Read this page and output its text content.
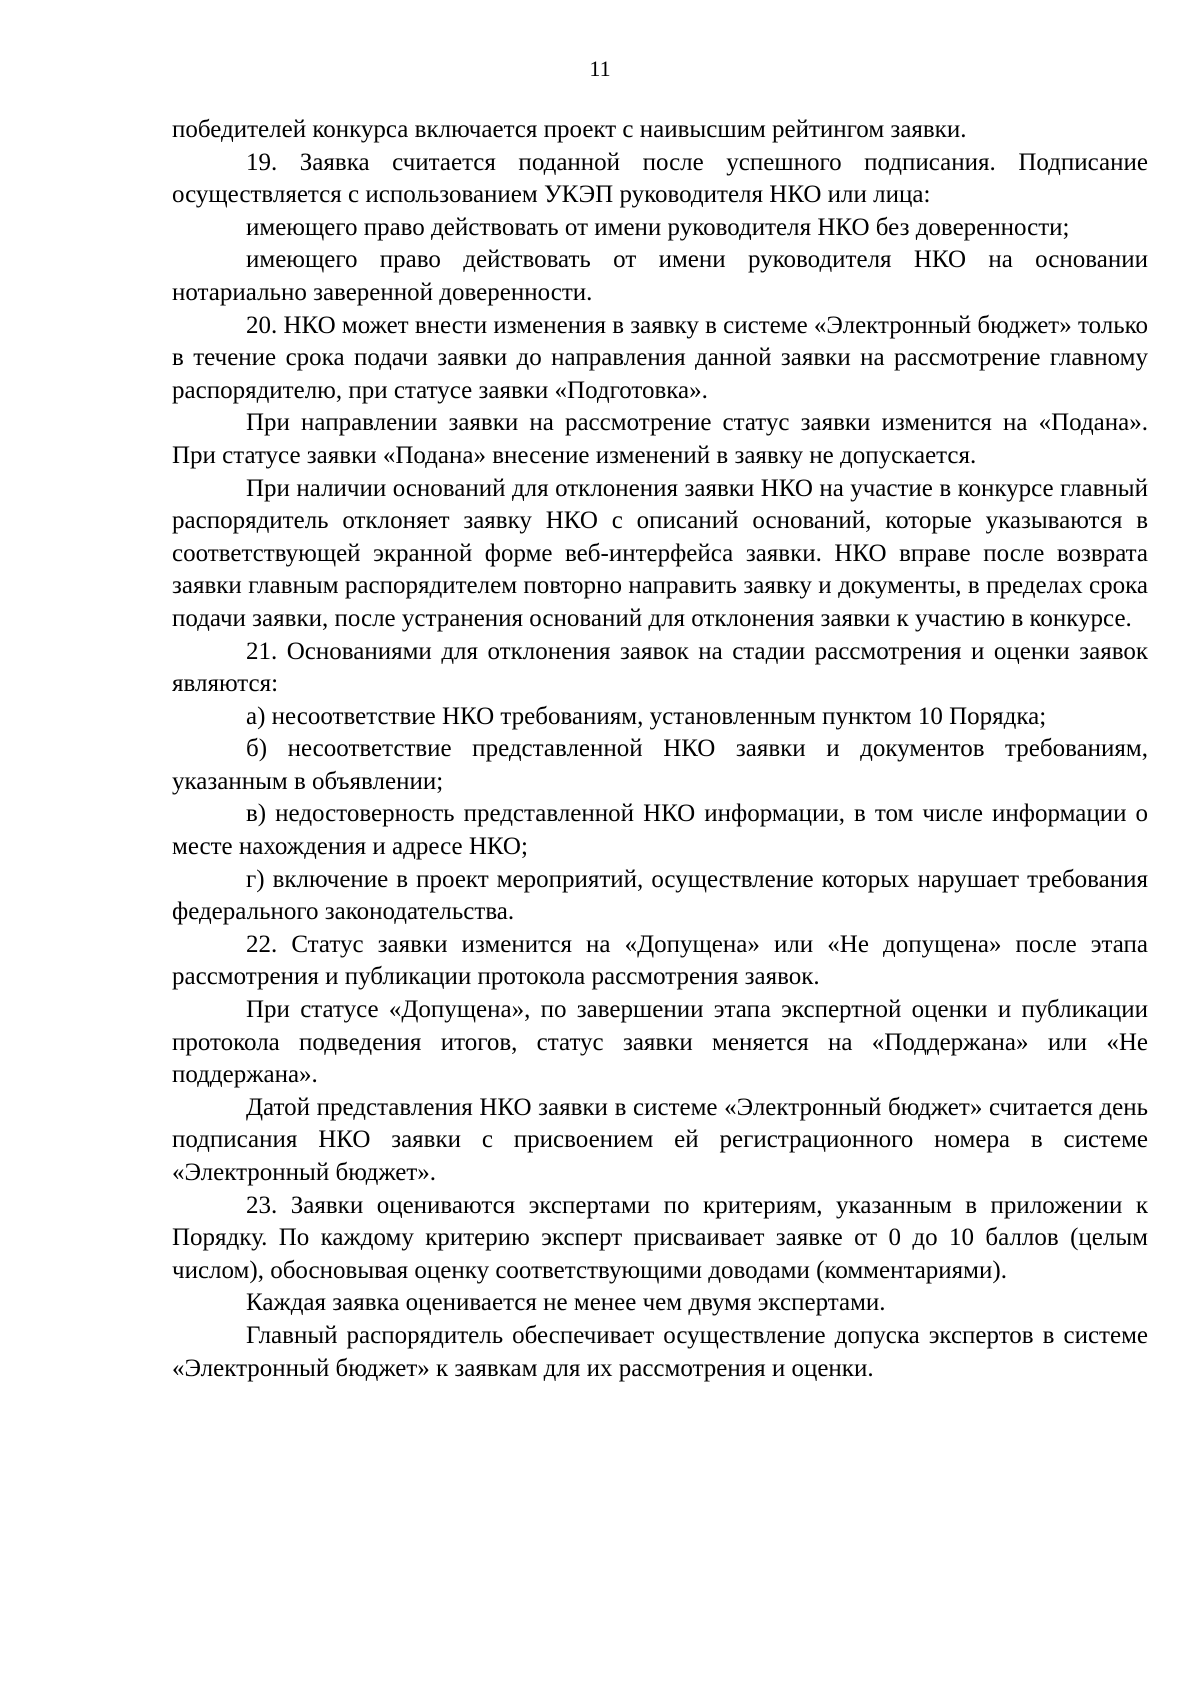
11

победителей конкурса включается проект с наивысшим рейтингом заявки.

19. Заявка считается поданной после успешного подписания. Подписание осуществляется с использованием УКЭП руководителя НКО или лица:

имеющего право действовать от имени руководителя НКО без доверенности;

имеющего право действовать от имени руководителя НКО на основании нотариально заверенной доверенности.

20. НКО может внести изменения в заявку в системе «Электронный бюджет» только в течение срока подачи заявки до направления данной заявки на рассмотрение главному распорядителю, при статусе заявки «Подготовка».

При направлении заявки на рассмотрение статус заявки изменится на «Подана». При статусе заявки «Подана» внесение изменений в заявку не допускается.

При наличии оснований для отклонения заявки НКО на участие в конкурсе главный распорядитель отклоняет заявку НКО с описаний оснований, которые указываются в соответствующей экранной форме веб-интерфейса заявки. НКО вправе после возврата заявки главным распорядителем повторно направить заявку и документы, в пределах срока подачи заявки, после устранения оснований для отклонения заявки к участию в конкурсе.

21. Основаниями для отклонения заявок на стадии рассмотрения и оценки заявок являются:

а) несоответствие НКО требованиям, установленным пунктом 10 Порядка;

б) несоответствие представленной НКО заявки и документов требованиям, указанным в объявлении;

в) недостоверность представленной НКО информации, в том числе информации о месте нахождения и адресе НКО;

г) включение в проект мероприятий, осуществление которых нарушает требования федерального законодательства.

22. Статус заявки изменится на «Допущена» или «Не допущена» после этапа рассмотрения и публикации протокола рассмотрения заявок.

При статусе «Допущена», по завершении этапа экспертной оценки и публикации протокола подведения итогов, статус заявки меняется на «Поддержана» или «Не поддержана».

Датой представления НКО заявки в системе «Электронный бюджет» считается день подписания НКО заявки с присвоением ей регистрационного номера в системе «Электронный бюджет».

23. Заявки оцениваются экспертами по критериям, указанным в приложении к Порядку. По каждому критерию эксперт присваивает заявке от 0 до 10 баллов (целым числом), обосновывая оценку соответствующими доводами (комментариями).

Каждая заявка оценивается не менее чем двумя экспертами.

Главный распорядитель обеспечивает осуществление допуска экспертов в системе «Электронный бюджет» к заявкам для их рассмотрения и оценки.
